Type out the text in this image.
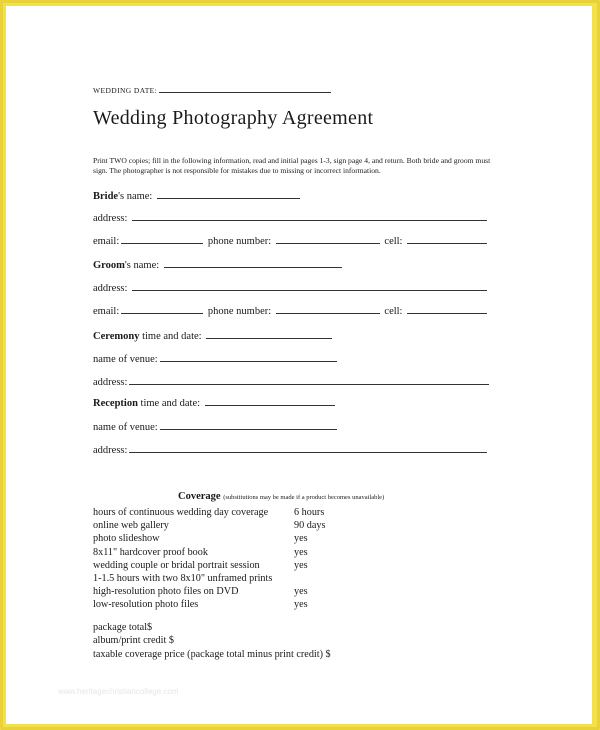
WEDDING DATE:
Wedding Photography Agreement
Print TWO copies; fill in the following information, read and initial pages 1-3, sign page 4, and return. Both bride and groom must sign. The photographer is not responsible for mistakes due to missing or incorrect information.
Bride's name:
address:
email:	phone number:	cell:
Groom's name:
address:
email:	phone number:	cell:
Ceremony time and date:
name of venue:
address:
Reception time and date:
name of venue:
address:
Coverage (substitutions may be made if a product becomes unavailable)
hours of continuous wedding day coverage	6 hours
online web gallery	90 days
photo slideshow	yes
8x11" hardcover proof book	yes
wedding couple or bridal portrait session	yes
1-1.5 hours with two 8x10" unframed prints
high-resolution photo files on DVD	yes
low-resolution photo files	yes
package total$
album/print credit $
taxable coverage price (package total minus print credit) $
www.heritagechristiancollege.com
